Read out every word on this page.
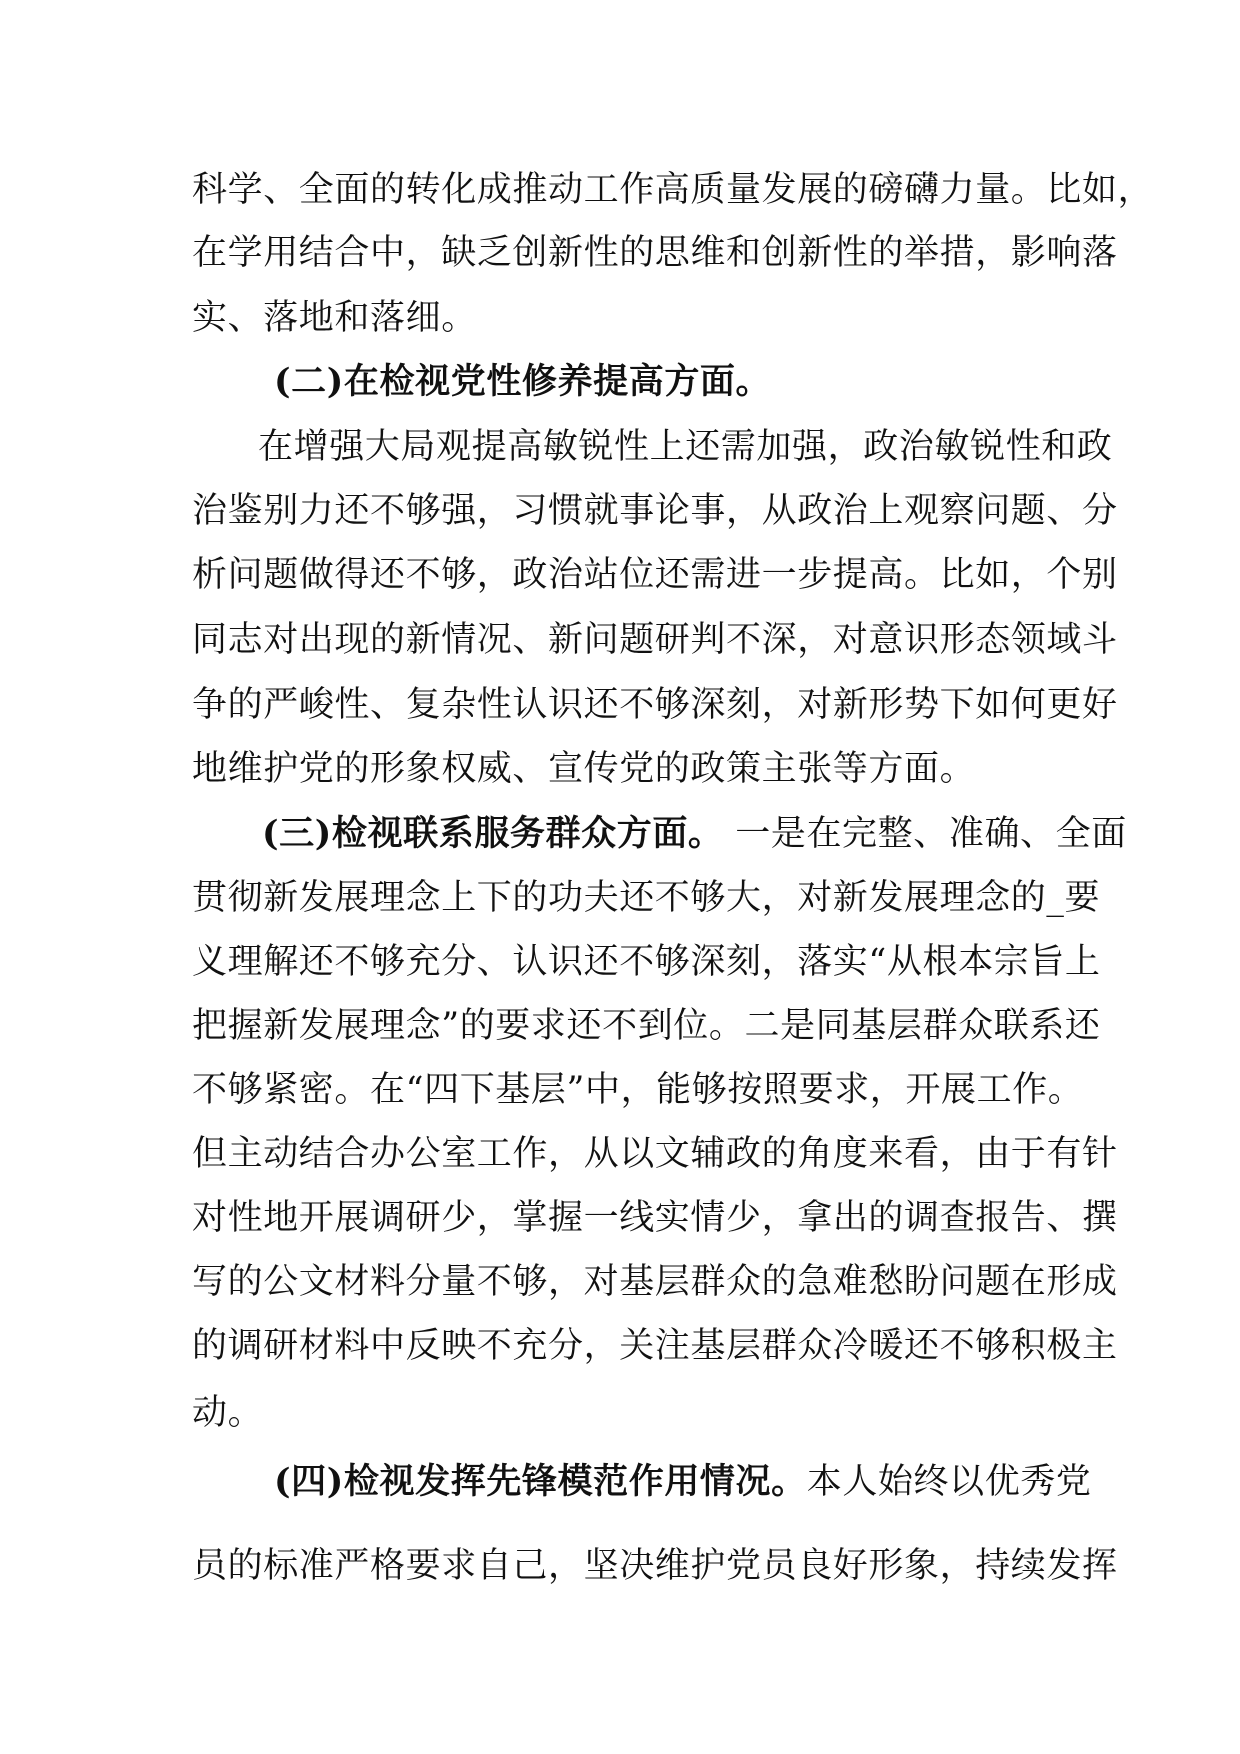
科学、全面的转化成推动工作高质量发展的磅礴力量。比如，
在学用结合中，缺乏创新性的思维和创新性的举措，影响落
实、落地和落细。
(二)在检视党性修养提高方面。
在增强大局观提高敏锐性上还需加强，政治敏锐性和政
治鉴别力还不够强，习惯就事论事，从政治上观察问题、分
析问题做得还不够，政治站位还需进一步提高。比如，个别
同志对出现的新情况、新问题研判不深，对意识形态领域斗
争的严峻性、复杂性认识还不够深刻，对新形势下如何更好
地维护党的形象权威、宣传党的政策主张等方面。
(三)检视联系服务群众方面。 一是在完整、准确、全面
贯彻新发展理念上下的功夫还不够大，对新发展理念的_要
义理解还不够充分、认识还不够深刻，落实“从根本宗旨上
把握新发展理念”的要求还不到位。二是同基层群众联系还
不够紧密。在“四下基层”中，能够按照要求，开展工作。
但主动结合办公室工作，从以文辅政的角度来看，由于有针
对性地开展调研少，掌握一线实情少，拿出的调查报告、撰
写的公文材料分量不够，对基层群众的急难愁盼问题在形成
的调研材料中反映不充分，关注基层群众冷暖还不够积极主
动。
(四)检视发挥先锋模范作用情况。本人始终以优秀党
员的标准严格要求自己，坚决维护党员良好形象，持续发挥
